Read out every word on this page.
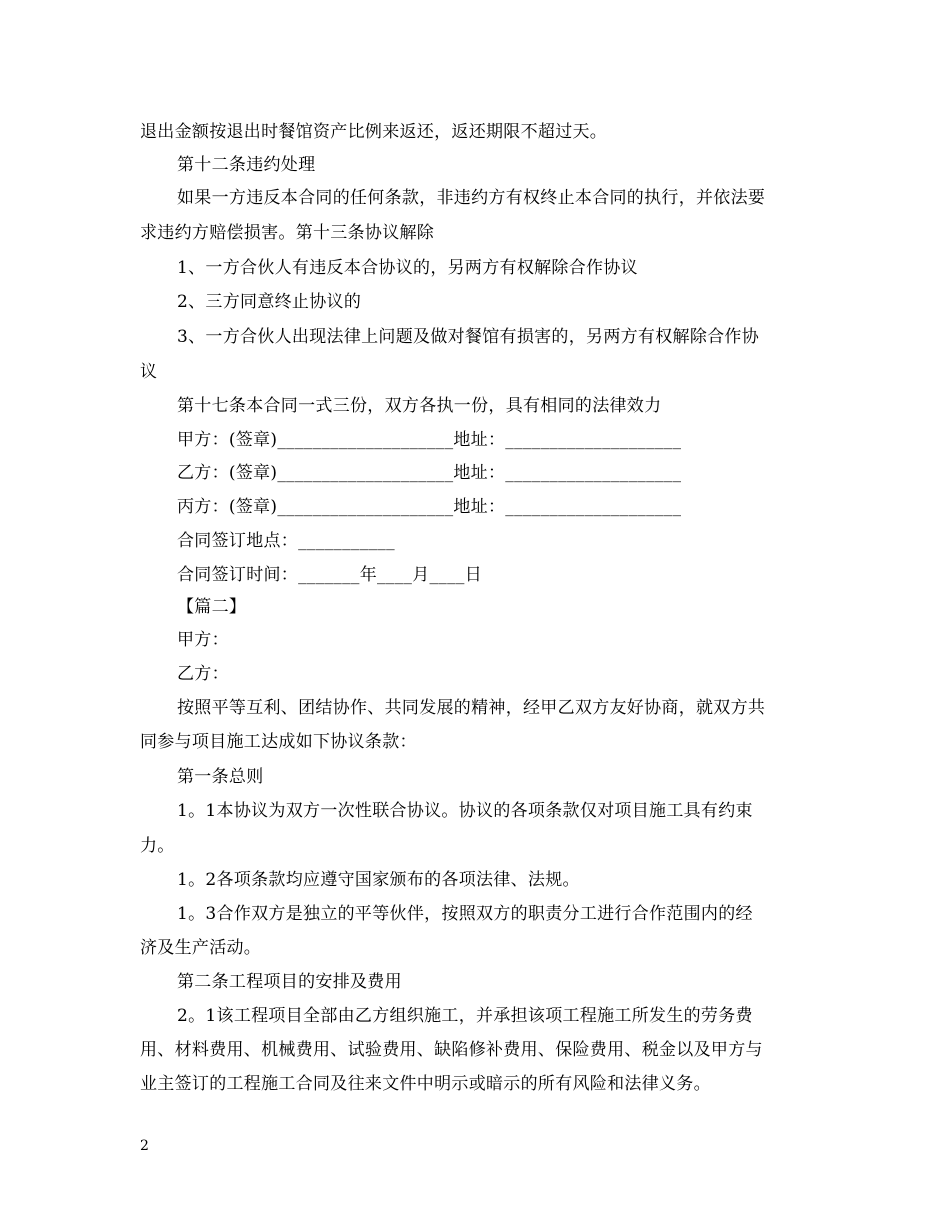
退出金额按退出时餐馆资产比例来返还，返还期限不超过天。
第十二条违约处理
如果一方违反本合同的任何条款，非违约方有权终止本合同的执行，并依法要
求违约方赔偿损害。第十三条协议解除
1、一方合伙人有违反本合协议的，另两方有权解除合作协议
2、三方同意终止协议的
3、一方合伙人出现法律上问题及做对餐馆有损害的，另两方有权解除合作协
议
第十七条本合同一式三份，双方各执一份，具有相同的法律效力
甲方：(签章)____________________地址：____________________
乙方：(签章)____________________地址：____________________
丙方：(签章)____________________地址：____________________
合同签订地点：___________
合同签订时间：_______年____月____日
【篇二】
甲方：
乙方：
按照平等互利、团结协作、共同发展的精神，经甲乙双方友好协商，就双方共
同参与项目施工达成如下协议条款：
第一条总则
1。1本协议为双方一次性联合协议。协议的各项条款仅对项目施工具有约束
力。
1。2各项条款均应遵守国家颁布的各项法律、法规。
1。3合作双方是独立的平等伙伴，按照双方的职责分工进行合作范围内的经
济及生产活动。
第二条工程项目的安排及费用
2。1该工程项目全部由乙方组织施工，并承担该项工程施工所发生的劳务费
用、材料费用、机械费用、试验费用、缺陷修补费用、保险费用、税金以及甲方与
业主签订的工程施工合同及往来文件中明示或暗示的所有风险和法律义务。
2
